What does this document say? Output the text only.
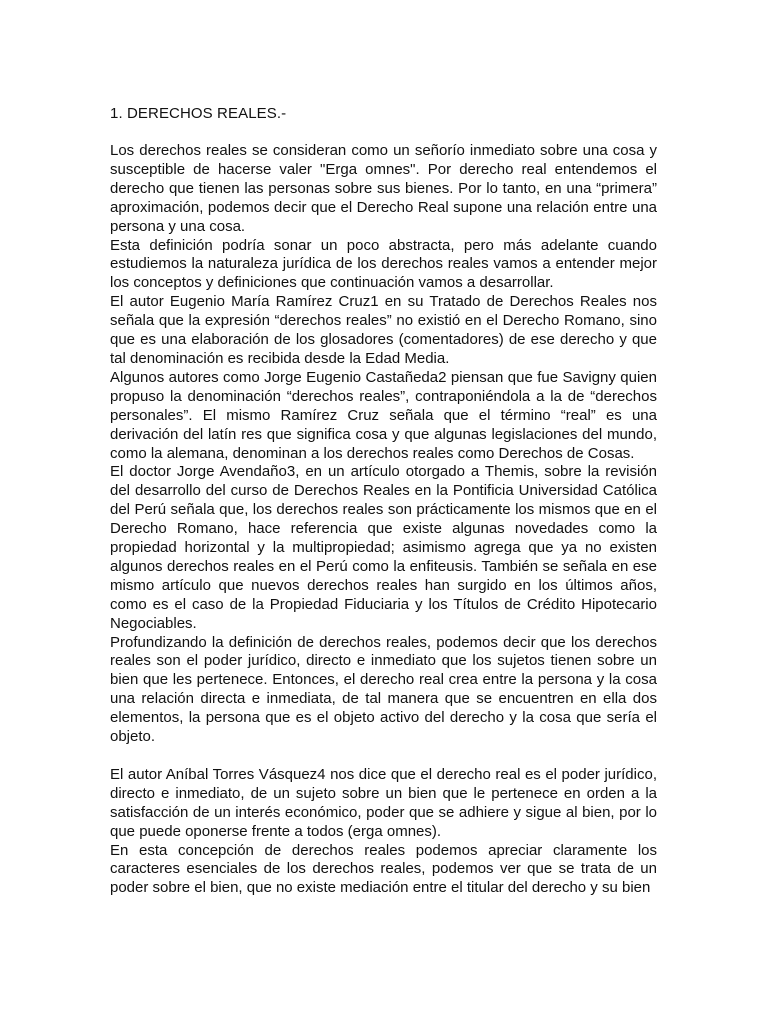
1. DERECHOS REALES.-

Los derechos reales se consideran como un señorío inmediato sobre una cosa y susceptible de hacerse valer "Erga omnes". Por derecho real entendemos el derecho que tienen las personas sobre sus bienes. Por lo tanto, en una “primera” aproximación, podemos decir que el Derecho Real supone una relación entre una persona y una cosa.

Esta definición podría sonar un poco abstracta, pero más adelante cuando estudiemos la naturaleza jurídica de los derechos reales vamos a entender mejor los conceptos y definiciones que continuación vamos a desarrollar.

El autor Eugenio María Ramírez Cruz1 en su Tratado de Derechos Reales nos señala que la expresión “derechos reales” no existió en el Derecho Romano, sino que es una elaboración de los glosadores (comentadores) de ese derecho y que tal denominación es recibida desde la Edad Media.

Algunos autores como Jorge Eugenio Castañeda2 piensan que fue Savigny quien propuso la denominación “derechos reales”, contraponiéndola a la de “derechos personales”. El mismo Ramírez Cruz señala que el término “real” es una derivación del latín res que significa cosa y que algunas legislaciones del mundo, como la alemana, denominan a los derechos reales como Derechos de Cosas.

El doctor Jorge Avendaño3, en un artículo otorgado a Themis, sobre la revisión del desarrollo del curso de Derechos Reales en la Pontificia Universidad Católica del Perú señala que, los derechos reales son prácticamente los mismos que en el Derecho Romano, hace referencia que existe algunas novedades como la propiedad horizontal y la multipropiedad; asimismo agrega que ya no existen algunos derechos reales en el Perú como la enfiteusis. También se señala en ese mismo artículo que nuevos derechos reales han surgido en los últimos años, como es el caso de la Propiedad Fiduciaria y los Títulos de Crédito Hipotecario Negociables.

Profundizando la definición de derechos reales, podemos decir que los derechos reales son el poder jurídico, directo e inmediato que los sujetos tienen sobre un bien que les pertenece. Entonces, el derecho real crea entre la persona y la cosa una relación directa e inmediata, de tal manera que se encuentren en ella dos elementos, la persona que es el objeto activo del derecho y la cosa que sería el objeto.

El autor Aníbal Torres Vásquez4 nos dice que el derecho real es el poder jurídico, directo e inmediato, de un sujeto sobre un bien que le pertenece en orden a la satisfacción de un interés económico, poder que se adhiere y sigue al bien, por lo que puede oponerse frente a todos (erga omnes).

En esta concepción de derechos reales podemos apreciar claramente los caracteres esenciales de los derechos reales, podemos ver que se trata de un poder sobre el bien, que no existe mediación entre el titular del derecho y su bien
